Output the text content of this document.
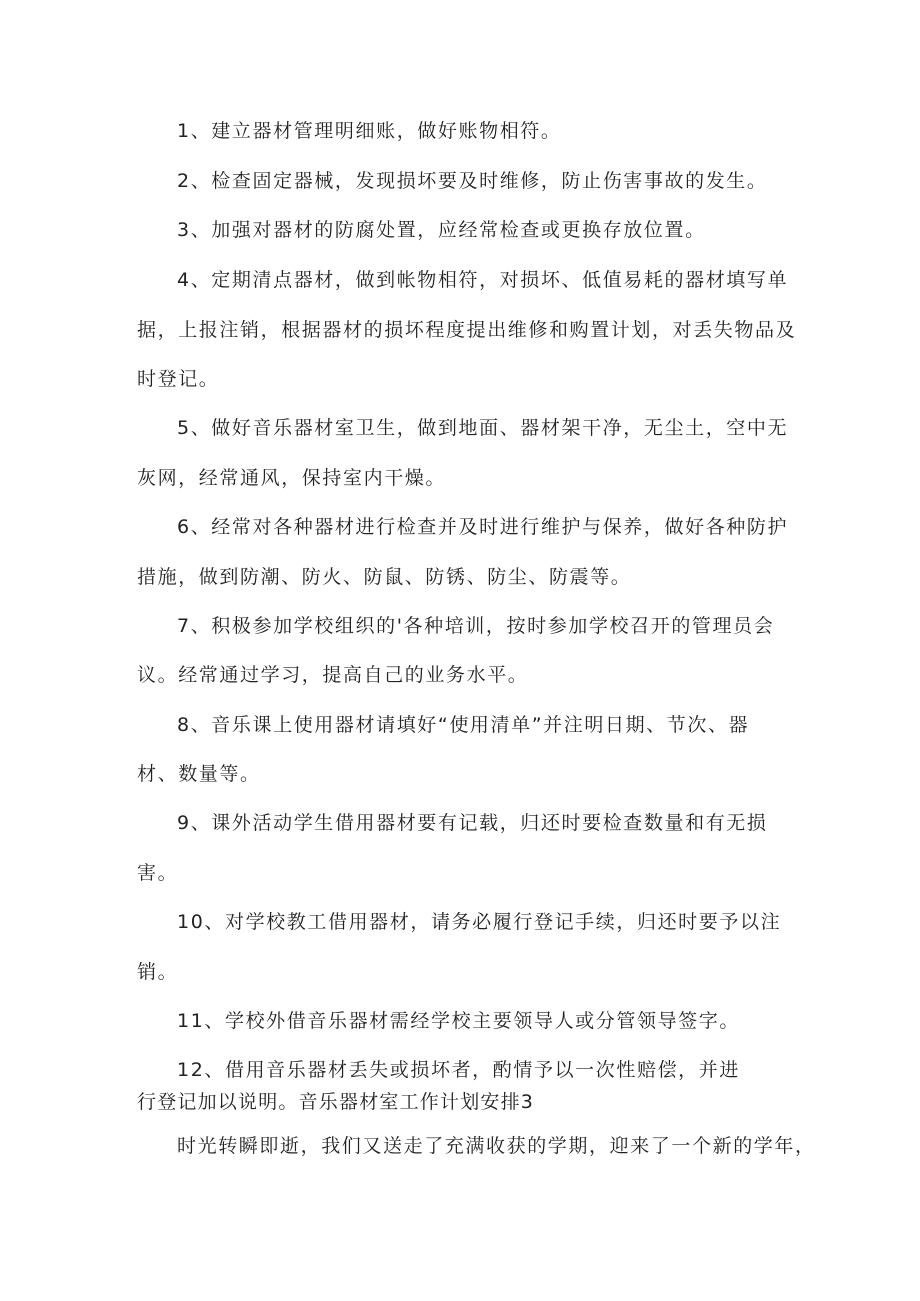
1、建立器材管理明细账，做好账物相符。
2、检查固定器械，发现损坏要及时维修，防止伤害事故的发生。
3、加强对器材的防腐处置，应经常检查或更换存放位置。
4、定期清点器材，做到帐物相符，对损坏、低值易耗的器材填写单
据，上报注销，根据器材的损坏程度提出维修和购置计划，对丢失物品及
时登记。
5、做好音乐器材室卫生，做到地面、器材架干净，无尘土，空中无
灰网，经常通风，保持室内干燥。
6、经常对各种器材进行检查并及时进行维护与保养，做好各种防护
措施，做到防潮、防火、防鼠、防锈、防尘、防震等。
7、积极参加学校组织的'各种培训，按时参加学校召开的管理员会
议。经常通过学习，提高自己的业务水平。
8、音乐课上使用器材请填好“使用清单”并注明日期、节次、器
材、数量等。
9、课外活动学生借用器材要有记载，归还时要检查数量和有无损
害。
10、对学校教工借用器材，请务必履行登记手续，归还时要予以注
销。
11、学校外借音乐器材需经学校主要领导人或分管领导签字。
12、借用音乐器材丢失或损坏者，酌情予以一次性赔偿，并进
行登记加以说明。音乐器材室工作计划安排3
时光转瞬即逝，我们又送走了充满收获的学期，迎来了一个新的学年，
